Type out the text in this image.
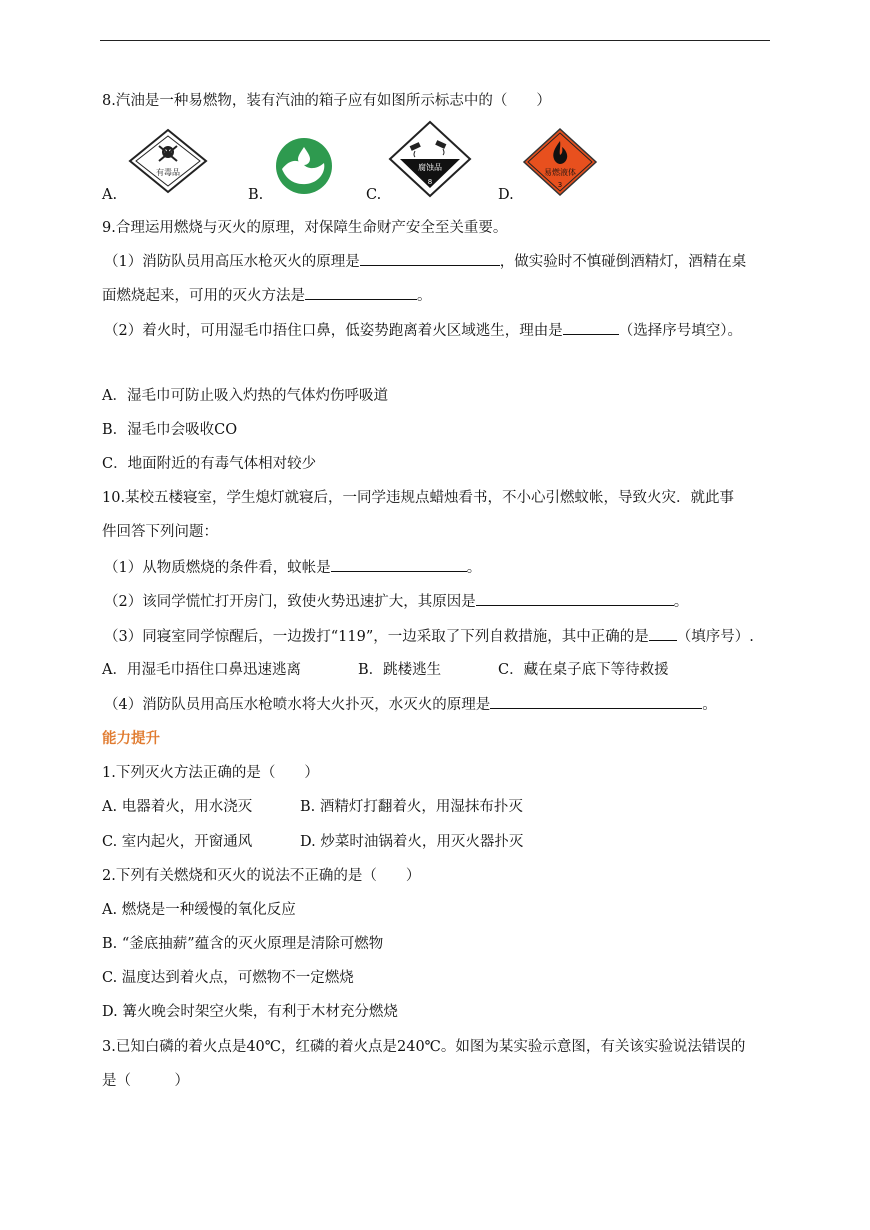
8.汽油是一种易燃物，装有汽油的箱子应有如图所示标志中的（　　）
A.
有毒品
B.	C.
腐蚀品
8
D.
易燃液体
3
9.合理运用燃烧与灭火的原理，对保障生命财产安全至关重要。
（1）消防队员用高压水枪灭火的原理是	，做实验时不慎碰倒酒精灯，酒精在桌
面燃烧起来，可用的灭火方法是	。
（2）着火时，可用湿毛巾捂住口鼻，低姿势跑离着火区域逃生，理由是	（选择序号填空）。
A．湿毛巾可防止吸入灼热的气体灼伤呼吸道
B．湿毛巾会吸收CO
C．地面附近的有毒气体相对较少
10.某校五楼寝室，学生熄灯就寝后，一同学违规点蜡烛看书，不小心引燃蚊帐，导致火灾．就此事
件回答下列问题：
（1）从物质燃烧的条件看，蚊帐是	。
（2）该同学慌忙打开房门，致使火势迅速扩大，其原因是	。
（3）同寝室同学惊醒后，一边拨打“119”，一边采取了下列自救措施，其中正确的是 （填序号）.
A．用湿毛巾捂住口鼻迅速逃离	B．跳楼逃生	C．藏在桌子底下等待救援
（4）消防队员用高压水枪喷水将大火扑灭，水灭火的原理是	。
能力提升
1.下列灭火方法正确的是（　　）
A. 电器着火，用水浇灭	B. 酒精灯打翻着火，用湿抹布扑灭
C. 室内起火，开窗通风	D. 炒菜时油锅着火，用灭火器扑灭
2.下列有关燃烧和灭火的说法不正确的是（　　）
A. 燃烧是一种缓慢的氧化反应
B. “釜底抽薪”蕴含的灭火原理是清除可燃物
C. 温度达到着火点，可燃物不一定燃烧
D. 篝火晚会时架空火柴，有利于木材充分燃烧
3.已知白磷的着火点是40℃，红磷的着火点是240℃。如图为某实验示意图，有关该实验说法错误的
是（　　　）
